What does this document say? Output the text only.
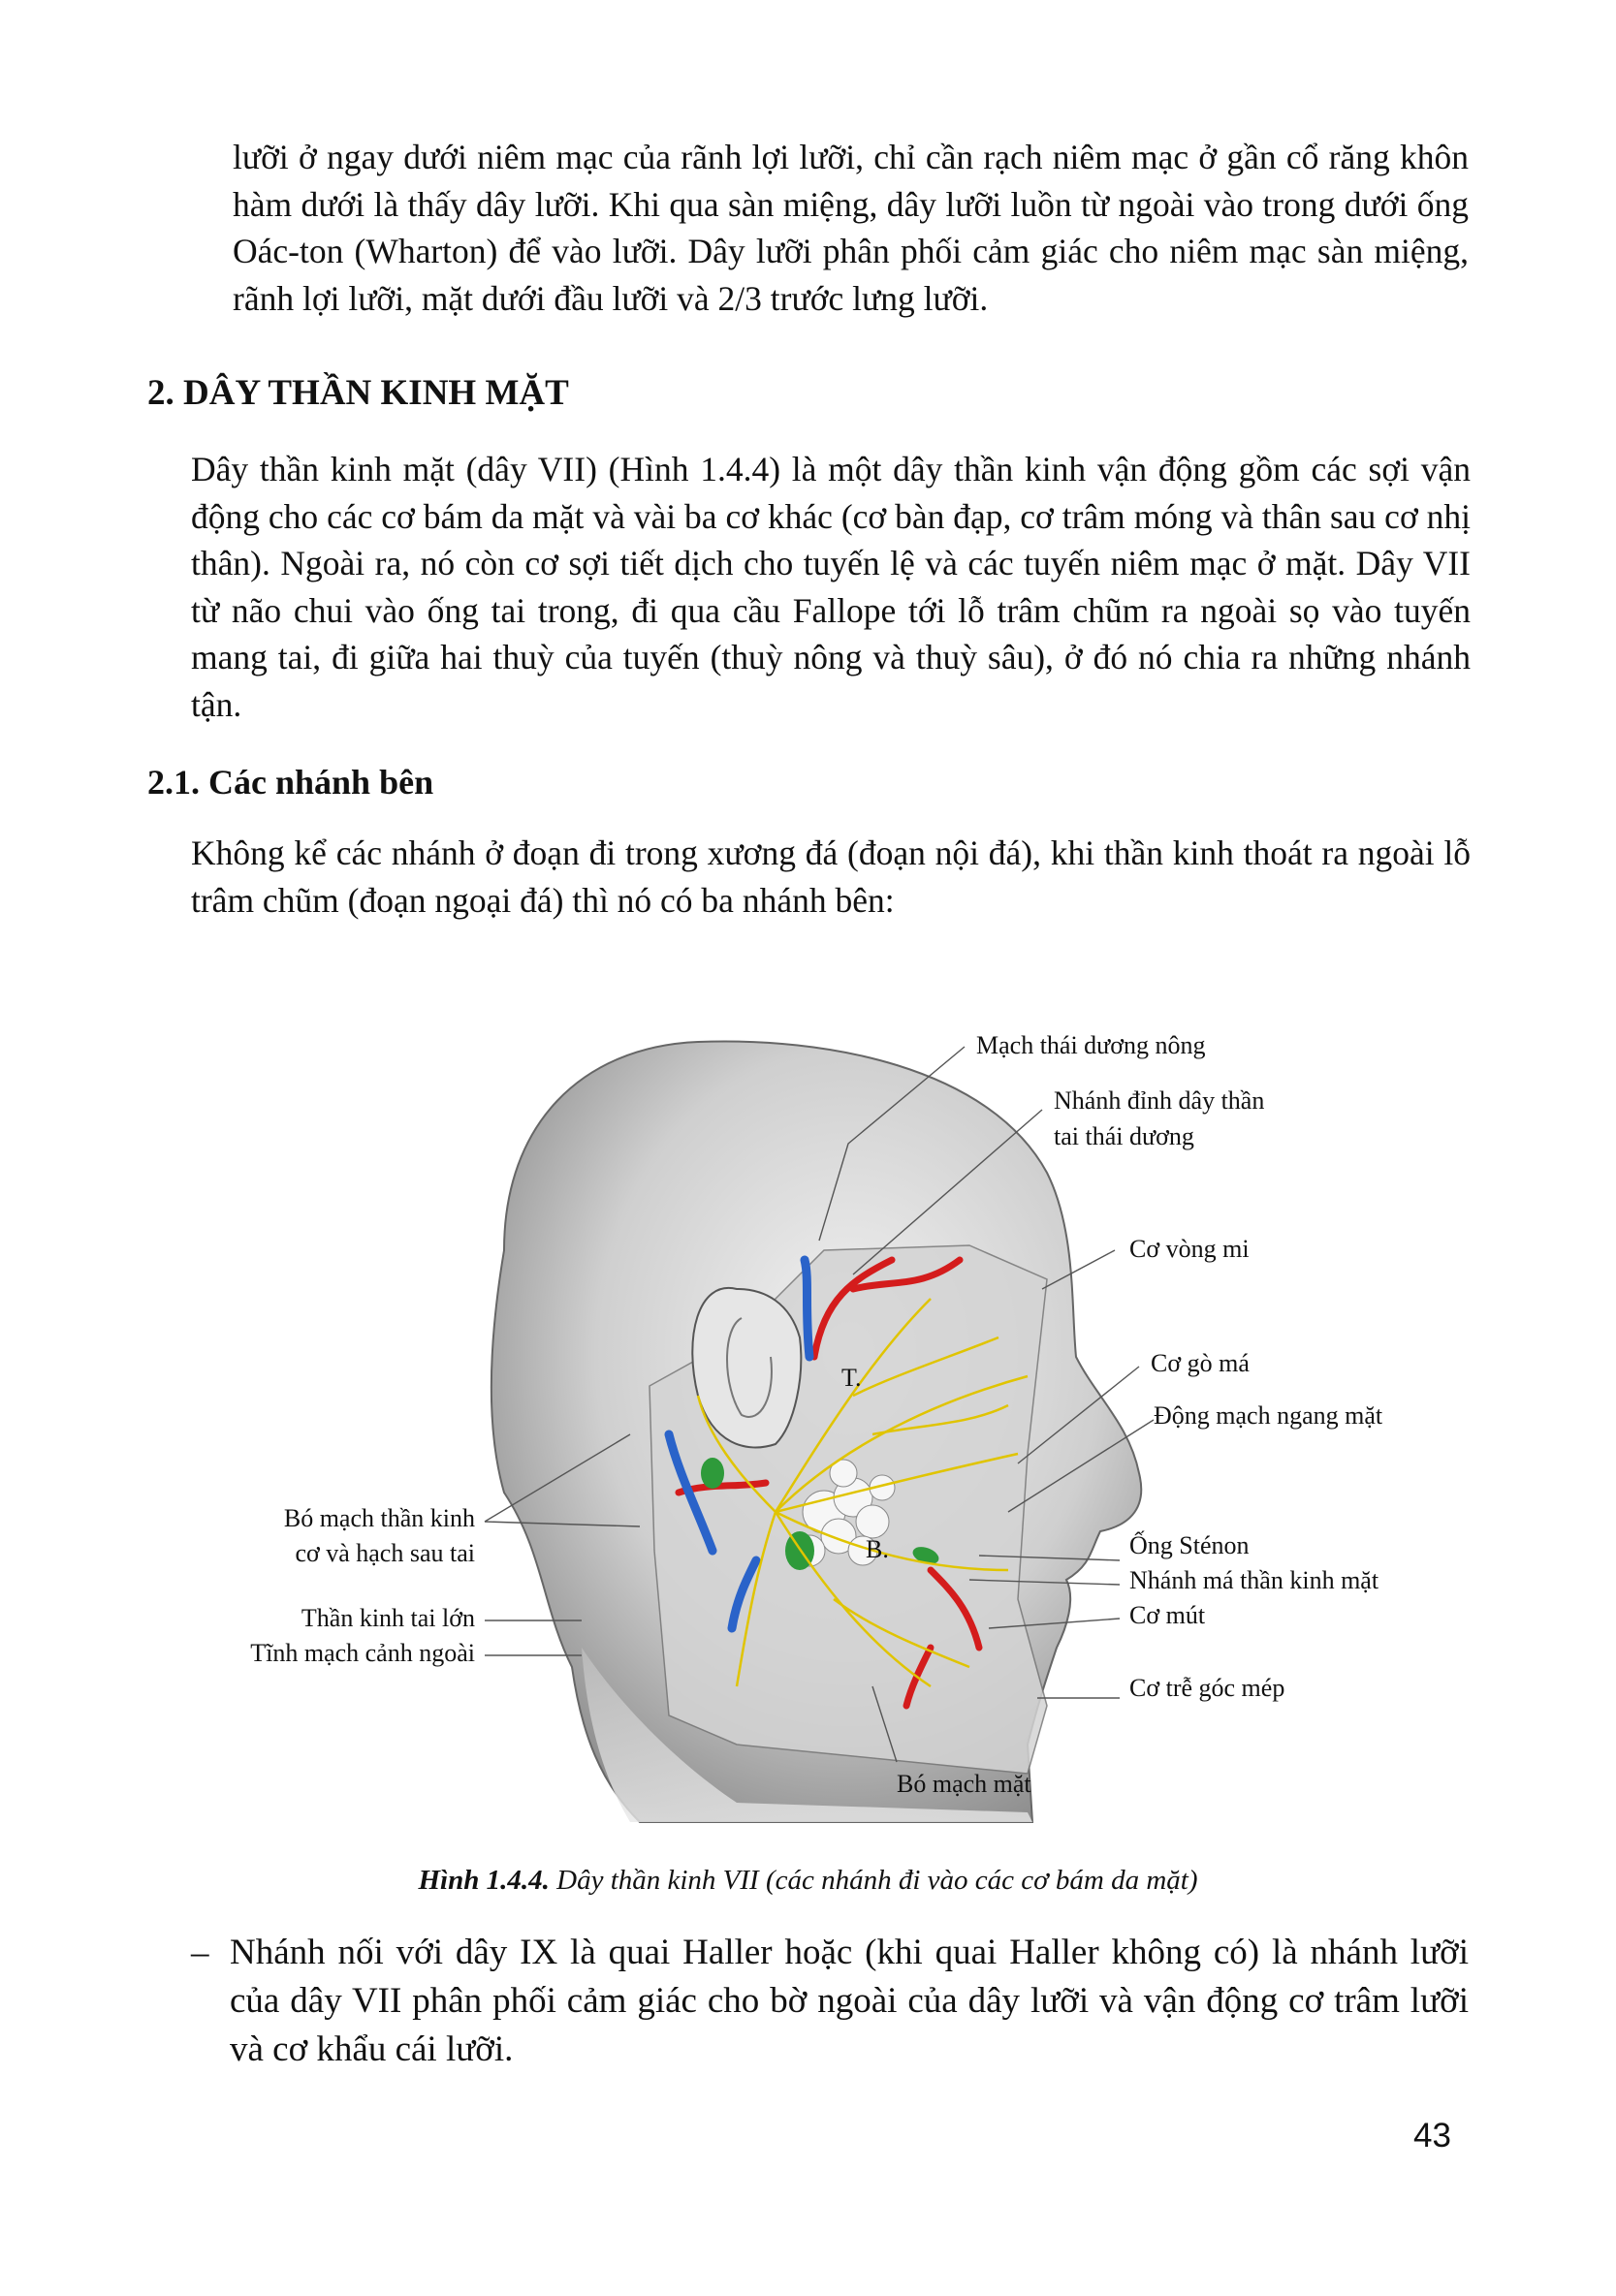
lưỡi ở ngay dưới niêm mạc của rãnh lợi lưỡi, chỉ cần rạch niêm mạc ở gần cổ răng khôn hàm dưới là thấy dây lưỡi. Khi qua sàn miệng, dây lưỡi luồn từ ngoài vào trong dưới ống Oác-ton (Wharton) để vào lưỡi. Dây lưỡi phân phối cảm giác cho niêm mạc sàn miệng, rãnh lợi lưỡi, mặt dưới đầu lưỡi và 2/3 trước lưng lưỡi.

2. DÂY THẦN KINH MẶT

Dây thần kinh mặt (dây VII) (Hình 1.4.4) là một dây thần kinh vận động gồm các sợi vận động cho các cơ bám da mặt và vài ba cơ khác (cơ bàn đạp, cơ trâm móng và thân sau cơ nhị thân). Ngoài ra, nó còn cơ sợi tiết dịch cho tuyến lệ và các tuyến niêm mạc ở mặt. Dây VII từ não chui vào ống tai trong, đi qua cầu Fallope tới lỗ trâm chũm ra ngoài sọ vào tuyến mang tai, đi giữa hai thuỳ của tuyến (thuỳ nông và thuỳ sâu), ở đó nó chia ra những nhánh tận.

2.1. Các nhánh bên

Không kể các nhánh ở đoạn đi trong xương đá (đoạn nội đá), khi thần kinh thoát ra ngoài lỗ trâm chũm (đoạn ngoại đá) thì nó có ba nhánh bên:

T.
B.
Mạch thái dương nông
Nhánh đỉnh dây thần
tai thái dương
Cơ vòng mi
Cơ gò má
Động mạch ngang mặt
Ống Sténon
Nhánh má thần kinh mặt
Cơ mút
Cơ trễ góc mép
Bó mạch mặt
Bó mạch thần kinh
cơ và hạch sau tai
Thần kinh tai lớn
Tĩnh mạch cảnh ngoài

Hình 1.4.4. Dây thần kinh VII (các nhánh đi vào các cơ bám da mặt)

– Nhánh nối với dây IX là quai Haller hoặc (khi quai Haller không có) là nhánh lưỡi của dây VII phân phối cảm giác cho bờ ngoài của dây lưỡi và vận động cơ trâm lưỡi và cơ khẩu cái lưỡi.

43
